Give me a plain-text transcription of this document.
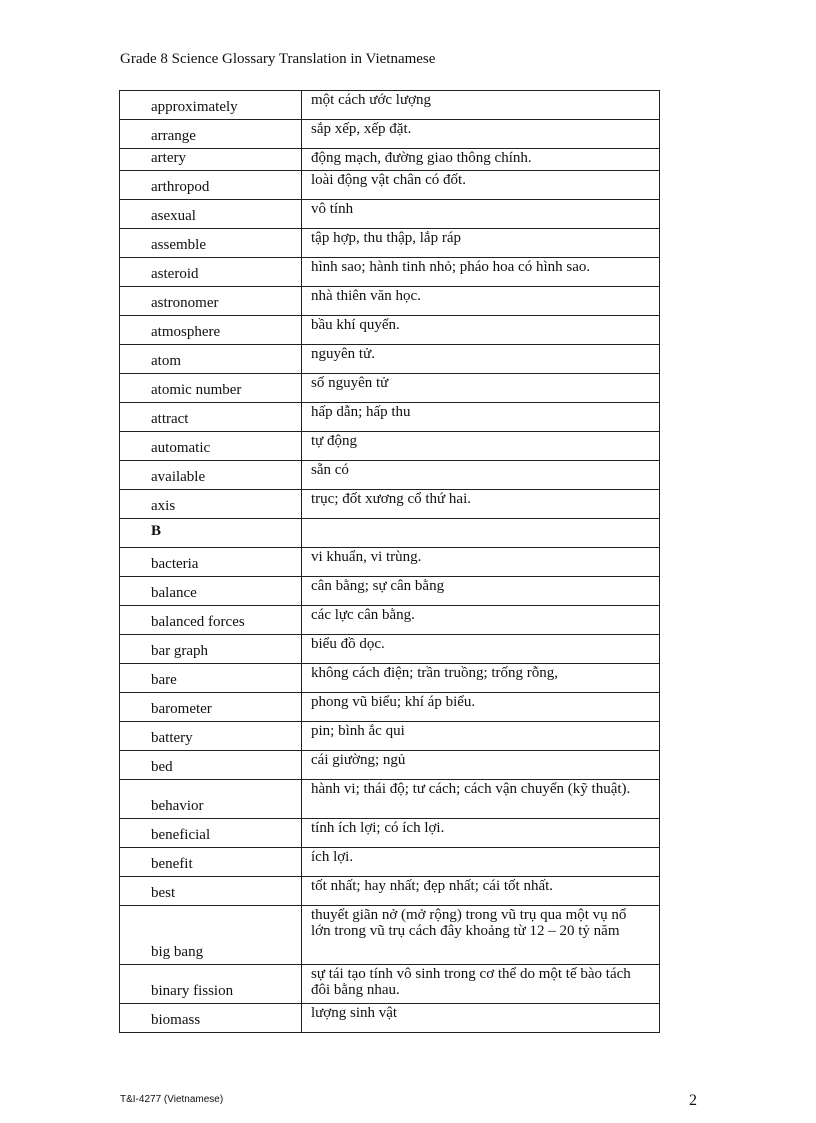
Grade 8 Science Glossary Translation in Vietnamese
approximately	một cách ước lượng

arrange	sắp xếp, xếp đặt.

artery	động mạch, đường giao thông chính.

arthropod	loài động vật chân có đốt.

asexual	vô tính

assemble	tập hợp, thu thập, lắp ráp

asteroid	hình sao; hành tinh nhỏ; pháo hoa có hình sao.

astronomer	nhà thiên văn học.

atmosphere	bầu khí quyển.

atom	nguyên tử.

atomic number	số nguyên tử

attract	hấp dẫn; hấp thu

automatic	tự động

available	sẵn có

axis	trục; đốt xương cổ thứ hai.

B	

bacteria	vi khuẩn, vi trùng.

balance	cân bằng; sự cân bằng

balanced forces	các lực cân bằng.

bar graph	biểu đồ dọc.

bare	không cách điện; trần truồng; trống rỗng,

barometer	phong vũ biểu; khí áp biểu.

battery	pin; bình ắc qui

bed	cái giường; ngủ

behavior	hành vi; thái độ; tư cách; cách vận chuyển (kỹ thuật).

beneficial	tính ích lợi; có ích lợi.

benefit	ích lợi.

best	tốt nhất; hay nhất; đẹp nhất; cái tốt nhất.

big bang	thuyết giãn nở (mở rộng) trong vũ trụ qua một vụ nổ lớn trong vũ trụ cách đây khoảng từ 12 – 20 tỷ năm

binary fission	sự tái tạo tính vô sinh trong cơ thể do một tế bào tách đôi bằng nhau.

biomass	lượng sinh vật
T&I-4277 (Vietnamese)	2
